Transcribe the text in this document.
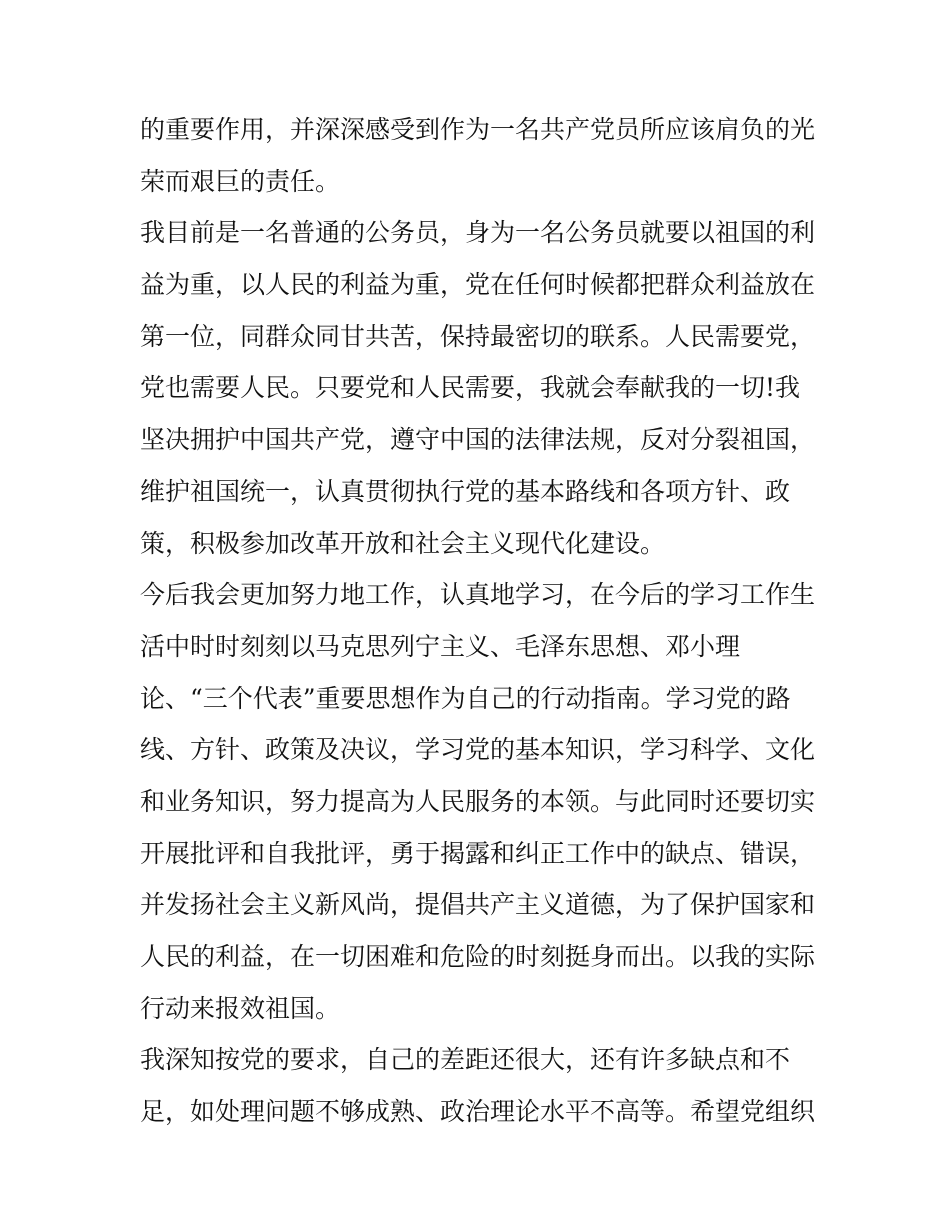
的重要作用，并深深感受到作为一名共产党员所应该肩负的光
荣而艰巨的责任。
我目前是一名普通的公务员，身为一名公务员就要以祖国的利
益为重，以人民的利益为重，党在任何时候都把群众利益放在
第一位，同群众同甘共苦，保持最密切的联系。人民需要党，
党也需要人民。只要党和人民需要，我就会奉献我的一切!我
坚决拥护中国共产党，遵守中国的法律法规，反对分裂祖国，
维护祖国统一，认真贯彻执行党的基本路线和各项方针、政
策，积极参加改革开放和社会主义现代化建设。
今后我会更加努力地工作，认真地学习，在今后的学习工作生
活中时时刻刻以马克思列宁主义、毛泽东思想、邓小理
论、“三个代表”重要思想作为自己的行动指南。学习党的路
线、方针、政策及决议，学习党的基本知识，学习科学、文化
和业务知识，努力提高为人民服务的本领。与此同时还要切实
开展批评和自我批评，勇于揭露和纠正工作中的缺点、错误，
并发扬社会主义新风尚，提倡共产主义道德，为了保护国家和
人民的利益，在一切困难和危险的时刻挺身而出。以我的实际
行动来报效祖国。
我深知按党的要求，自己的差距还很大，还有许多缺点和不
足，如处理问题不够成熟、政治理论水平不高等。希望党组织
